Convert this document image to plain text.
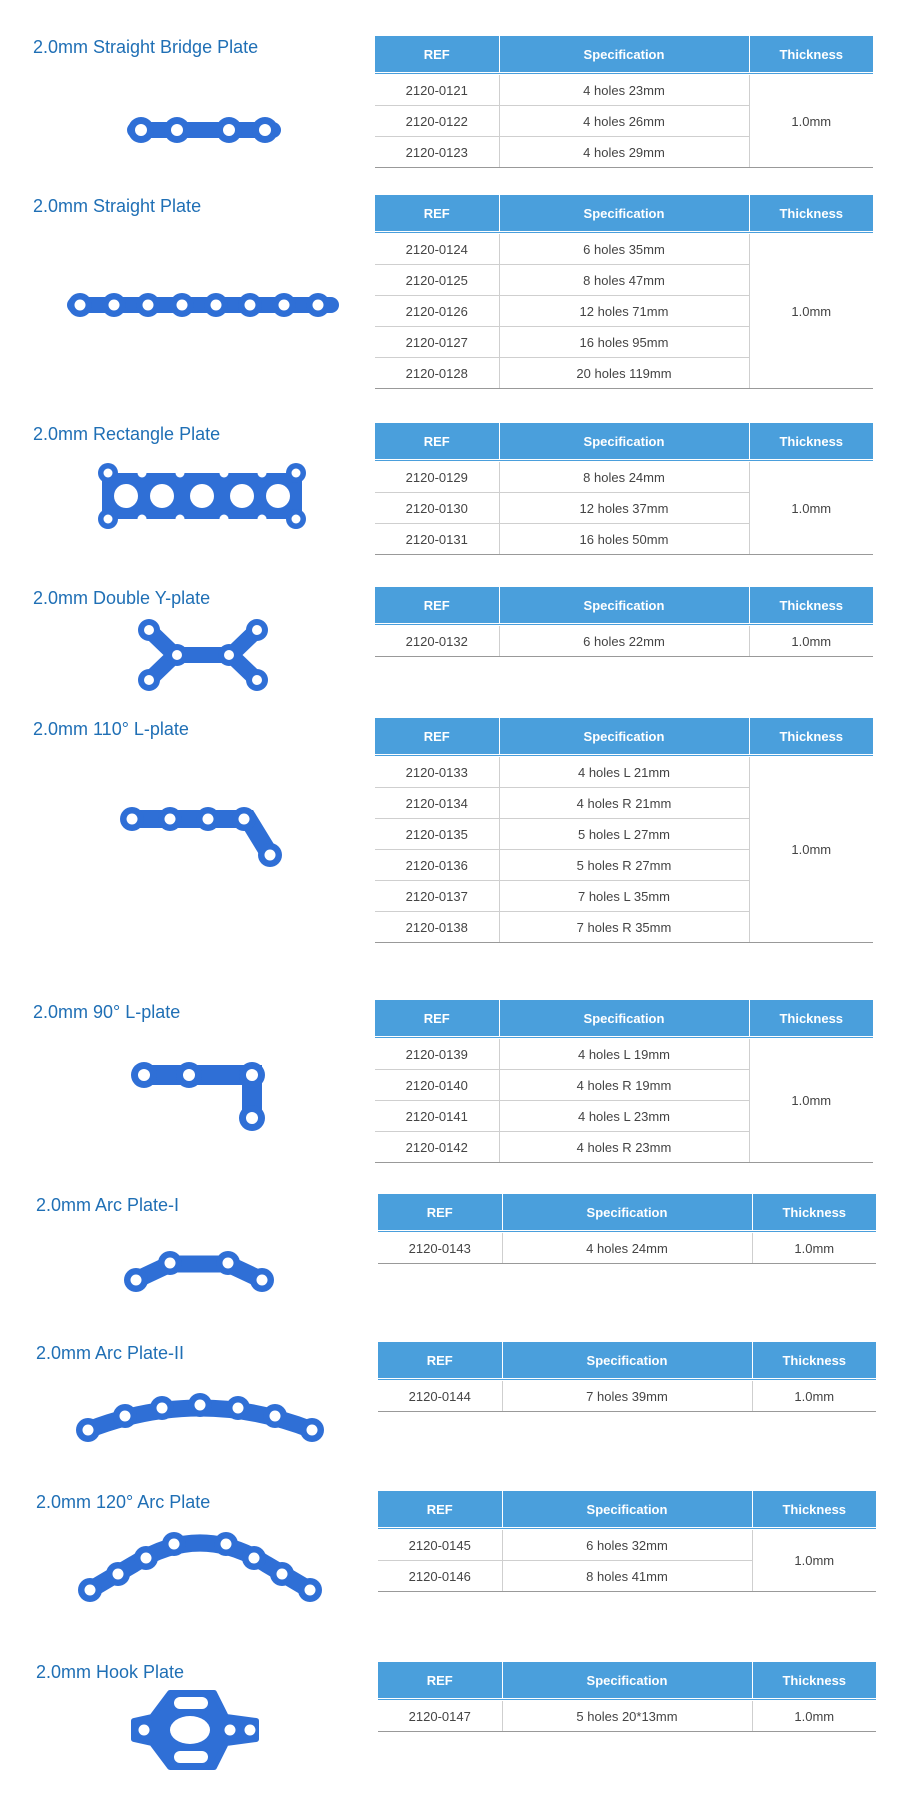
2.0mm Straight Bridge Plate	REF	Specification	Thickness
2120-0121	4 holes 23mm	1.0mm
2120-0122	4 holes 26mm	
2120-0123	4 holes 29mm	
2.0mm Straight Plate	REF	Specification	Thickness
2120-0124	6 holes 35mm	1.0mm
2120-0125	8 holes 47mm	
2120-0126	12 holes 71mm	
2120-0127	16 holes 95mm	
2120-0128	20 holes 119mm	
2.0mm Rectangle Plate	REF	Specification	Thickness
2120-0129	8 holes 24mm	1.0mm
2120-0130	12 holes 37mm	
2120-0131	16 holes 50mm	
2.0mm Double Y-plate	REF	Specification	Thickness
2120-0132	6 holes 22mm	1.0mm
2.0mm 110° L-plate	REF	Specification	Thickness
2120-0133	4 holes L 21mm	1.0mm
2120-0134	4 holes R 21mm	
2120-0135	5 holes L 27mm	
2120-0136	5 holes R 27mm	
2120-0137	7 holes L 35mm	
2120-0138	7 holes R 35mm	
2.0mm 90° L-plate	REF	Specification	Thickness
2120-0139	4 holes L 19mm	1.0mm
2120-0140	4 holes R 19mm	
2120-0141	4 holes L 23mm	
2120-0142	4 holes R 23mm	
2.0mm Arc Plate-I	REF	Specification	Thickness
2120-0143	4 holes 24mm	1.0mm
2.0mm Arc Plate-II	REF	Specification	Thickness
2120-0144	7 holes 39mm	1.0mm
2.0mm 120° Arc Plate	REF	Specification	Thickness
2120-0145	6 holes 32mm	1.0mm
2120-0146	8 holes 41mm	
2.0mm Hook Plate	REF	Specification	Thickness
2120-0147	5 holes 20*13mm	1.0mm
